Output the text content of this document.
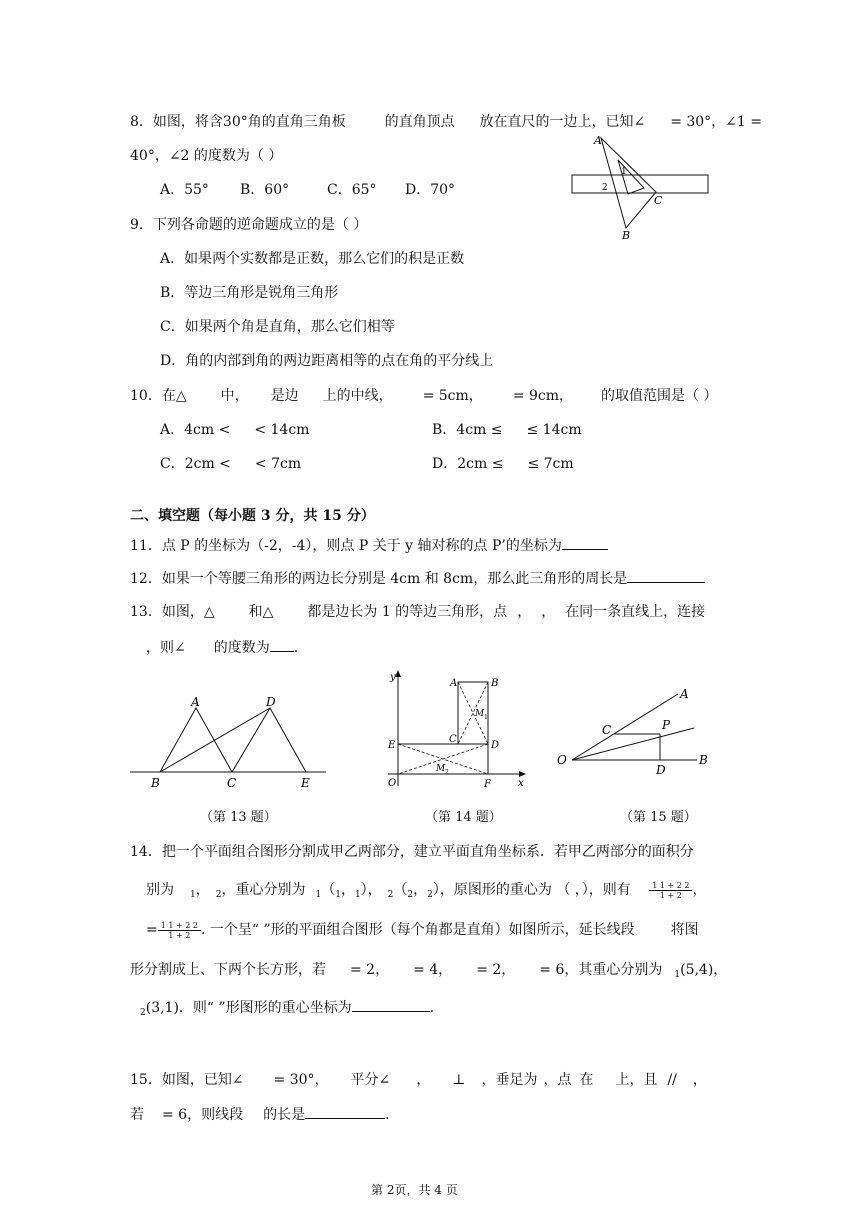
8．如图，将含30°角的直角三角板	的直角顶点 放在直尺的一边上，已知∠ = 30°，∠1 =
40°，∠2 的度数为（ ）
A．55° B．60°	C．65° D．70°
A
B
C
1
2
9．下列各命题的逆命题成立的是（ ）
A．如果两个实数都是正数，那么它们的积是正数
B．等边三角形是锐角三角形
C．如果两个角是直角，那么它们相等
D．角的内部到角的两边距离相等的点在角的平分线上
10．在△ 中， 是边 上的中线， = 5cm， = 9cm， 的取值范围是（ ）
A．4cm < < 14cm	B．4cm ≤ ≤ 14cm
C．2cm < < 7cm	D．2cm ≤ ≤ 7cm
二、填空题（每小题 3 分，共 15 分）
11．点 P 的坐标为（-2，-4），则点 P 关于 y 轴对称的点 P’的坐标为
12．如果一个等腰三角形的两边长分别是 4cm 和 8cm，那么此三角形的周长是
13．如图，△ 和△ 都是边长为 1 的等边三角形，点 ， ， 在同一条直线上，连接
，则∠ 的度数为 .
A	D
B	C	E
（第 13 题）
y
A	B
M 1
C
E	D
M 2
O	F	x
（第 14 题）
A
C	P
O
D
B
（第 15 题）
14．把一个平面组合图形分割成甲乙两部分，建立平面直角坐标系．若甲乙两部分的面积分
别为 $_1$， $_2$，重心分别为 $_1(_1$，$_1$）， $_2(_2$，$_2$），原图形的重心为 （ ，），则有 $\frac{1 1 + 2 2}{1 + 2}$ ，
= $\frac{1 1 + 2 2}{1 + 2}$ . 一个呈“ ”形的平面组合图形（每个角都是直角）如图所示，延长线段	将图
形分割成上、下两个长方形，若 = 2， = 4， = 2， = 6，其重心分别为 $_1$(5,4)，
$_2$(3,1)．则“ ”形图形的重心坐标为	．
15．如图，已知∠ = 30°， 平分∠ ， ⊥ ，垂足为 ，点 在 上，且 // ，
若 = 6，则线段 的长是	．
第 2页，共 4 页
